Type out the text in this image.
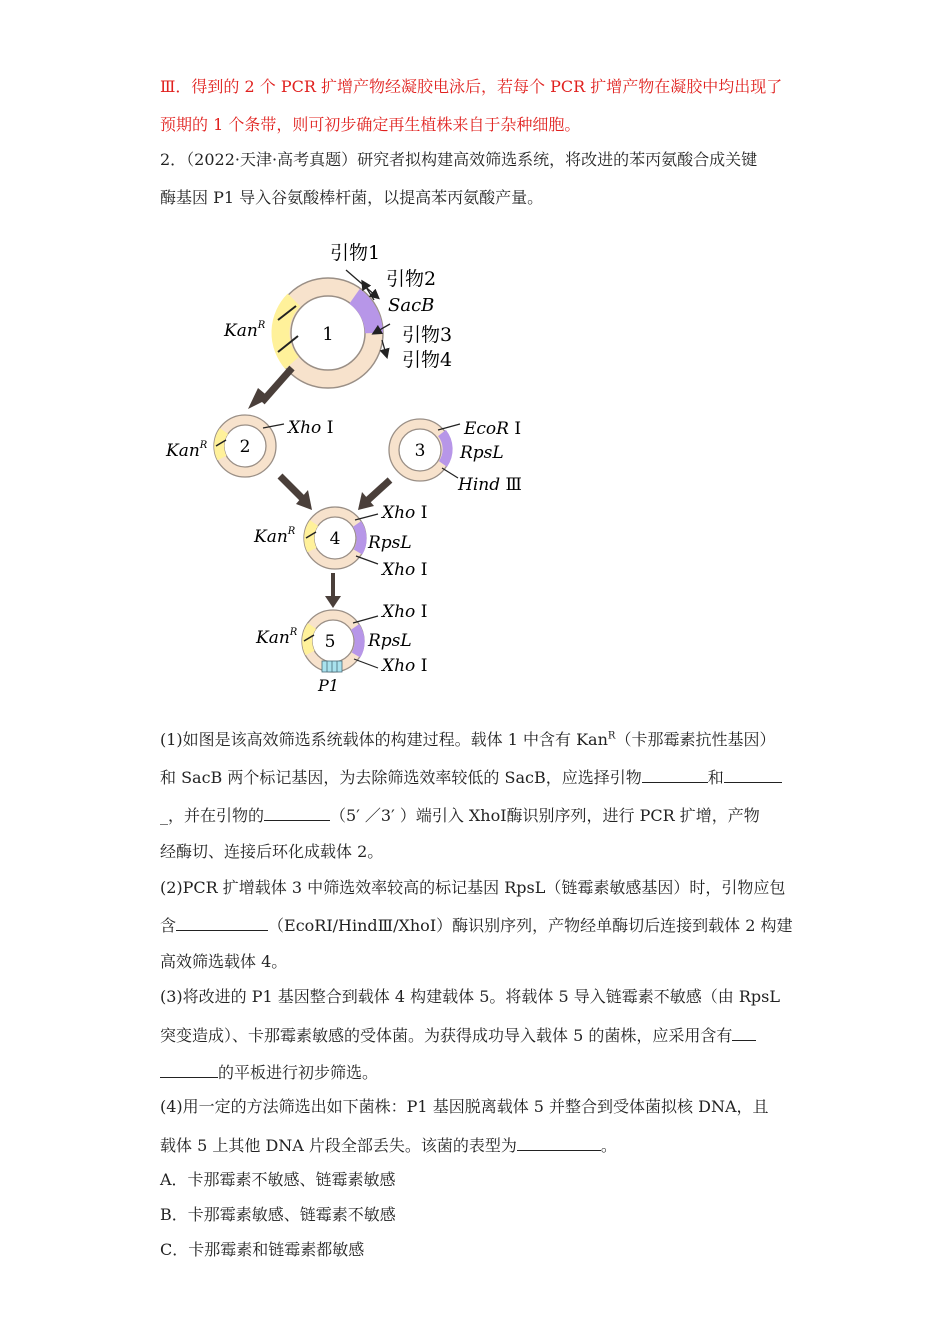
Ⅲ．得到的 2 个 PCR 扩增产物经凝胶电泳后，若每个 PCR 扩增产物在凝胶中均出现了
预期的 1 个条带，则可初步确定再生植株来自于杂种细胞。
2．（2022·天津·高考真题）研究者拟构建高效筛选系统，将改进的苯丙氨酸合成关键
酶基因 P1 导入谷氨酸棒杆菌，以提高苯丙氨酸产量。
1
引物1
引物2
SacB
引物3
引物4
Kan$^R$
2
Xho Ⅰ
Kan$^R$	3
EcoR Ⅰ
RpsL
Hind Ⅲ
4
Xho Ⅰ
RpsL
Xho Ⅰ
Kan$^R$
5
Xho Ⅰ
RpsL
Xho Ⅰ
Kan$^R$
P1
(1)如图是该高效筛选系统载体的构建过程。载体 1 中含有 Kan$^R$（卡那霉素抗性基因）
和 SacB 两个标记基因，为去除筛选效率较低的 SacB，应选择引物	和
_，并在引物的	（5′ ／3′ ）端引入 XhoⅠ酶识别序列，进行 PCR 扩增，产物
经酶切、连接后环化成载体 2。
(2)PCR 扩增载体 3 中筛选效率较高的标记基因 RpsL（链霉素敏感基因）时，引物应包
含	（EcoRⅠ/HindⅢ/XhoⅠ）酶识别序列，产物经单酶切后连接到载体 2 构建
高效筛选载体 4。
(3)将改进的 P1 基因整合到载体 4 构建载体 5。将载体 5 导入链霉素不敏感（由 RpsL
突变造成）、卡那霉素敏感的受体菌。为获得成功导入载体 5 的菌株，应采用含有
的平板进行初步筛选。
(4)用一定的方法筛选出如下菌株：P1 基因脱离载体 5 并整合到受体菌拟核 DNA，且
载体 5 上其他 DNA 片段全部丢失。该菌的表型为	。
A．卡那霉素不敏感、链霉素敏感
B．卡那霉素敏感、链霉素不敏感
C．卡那霉素和链霉素都敏感
